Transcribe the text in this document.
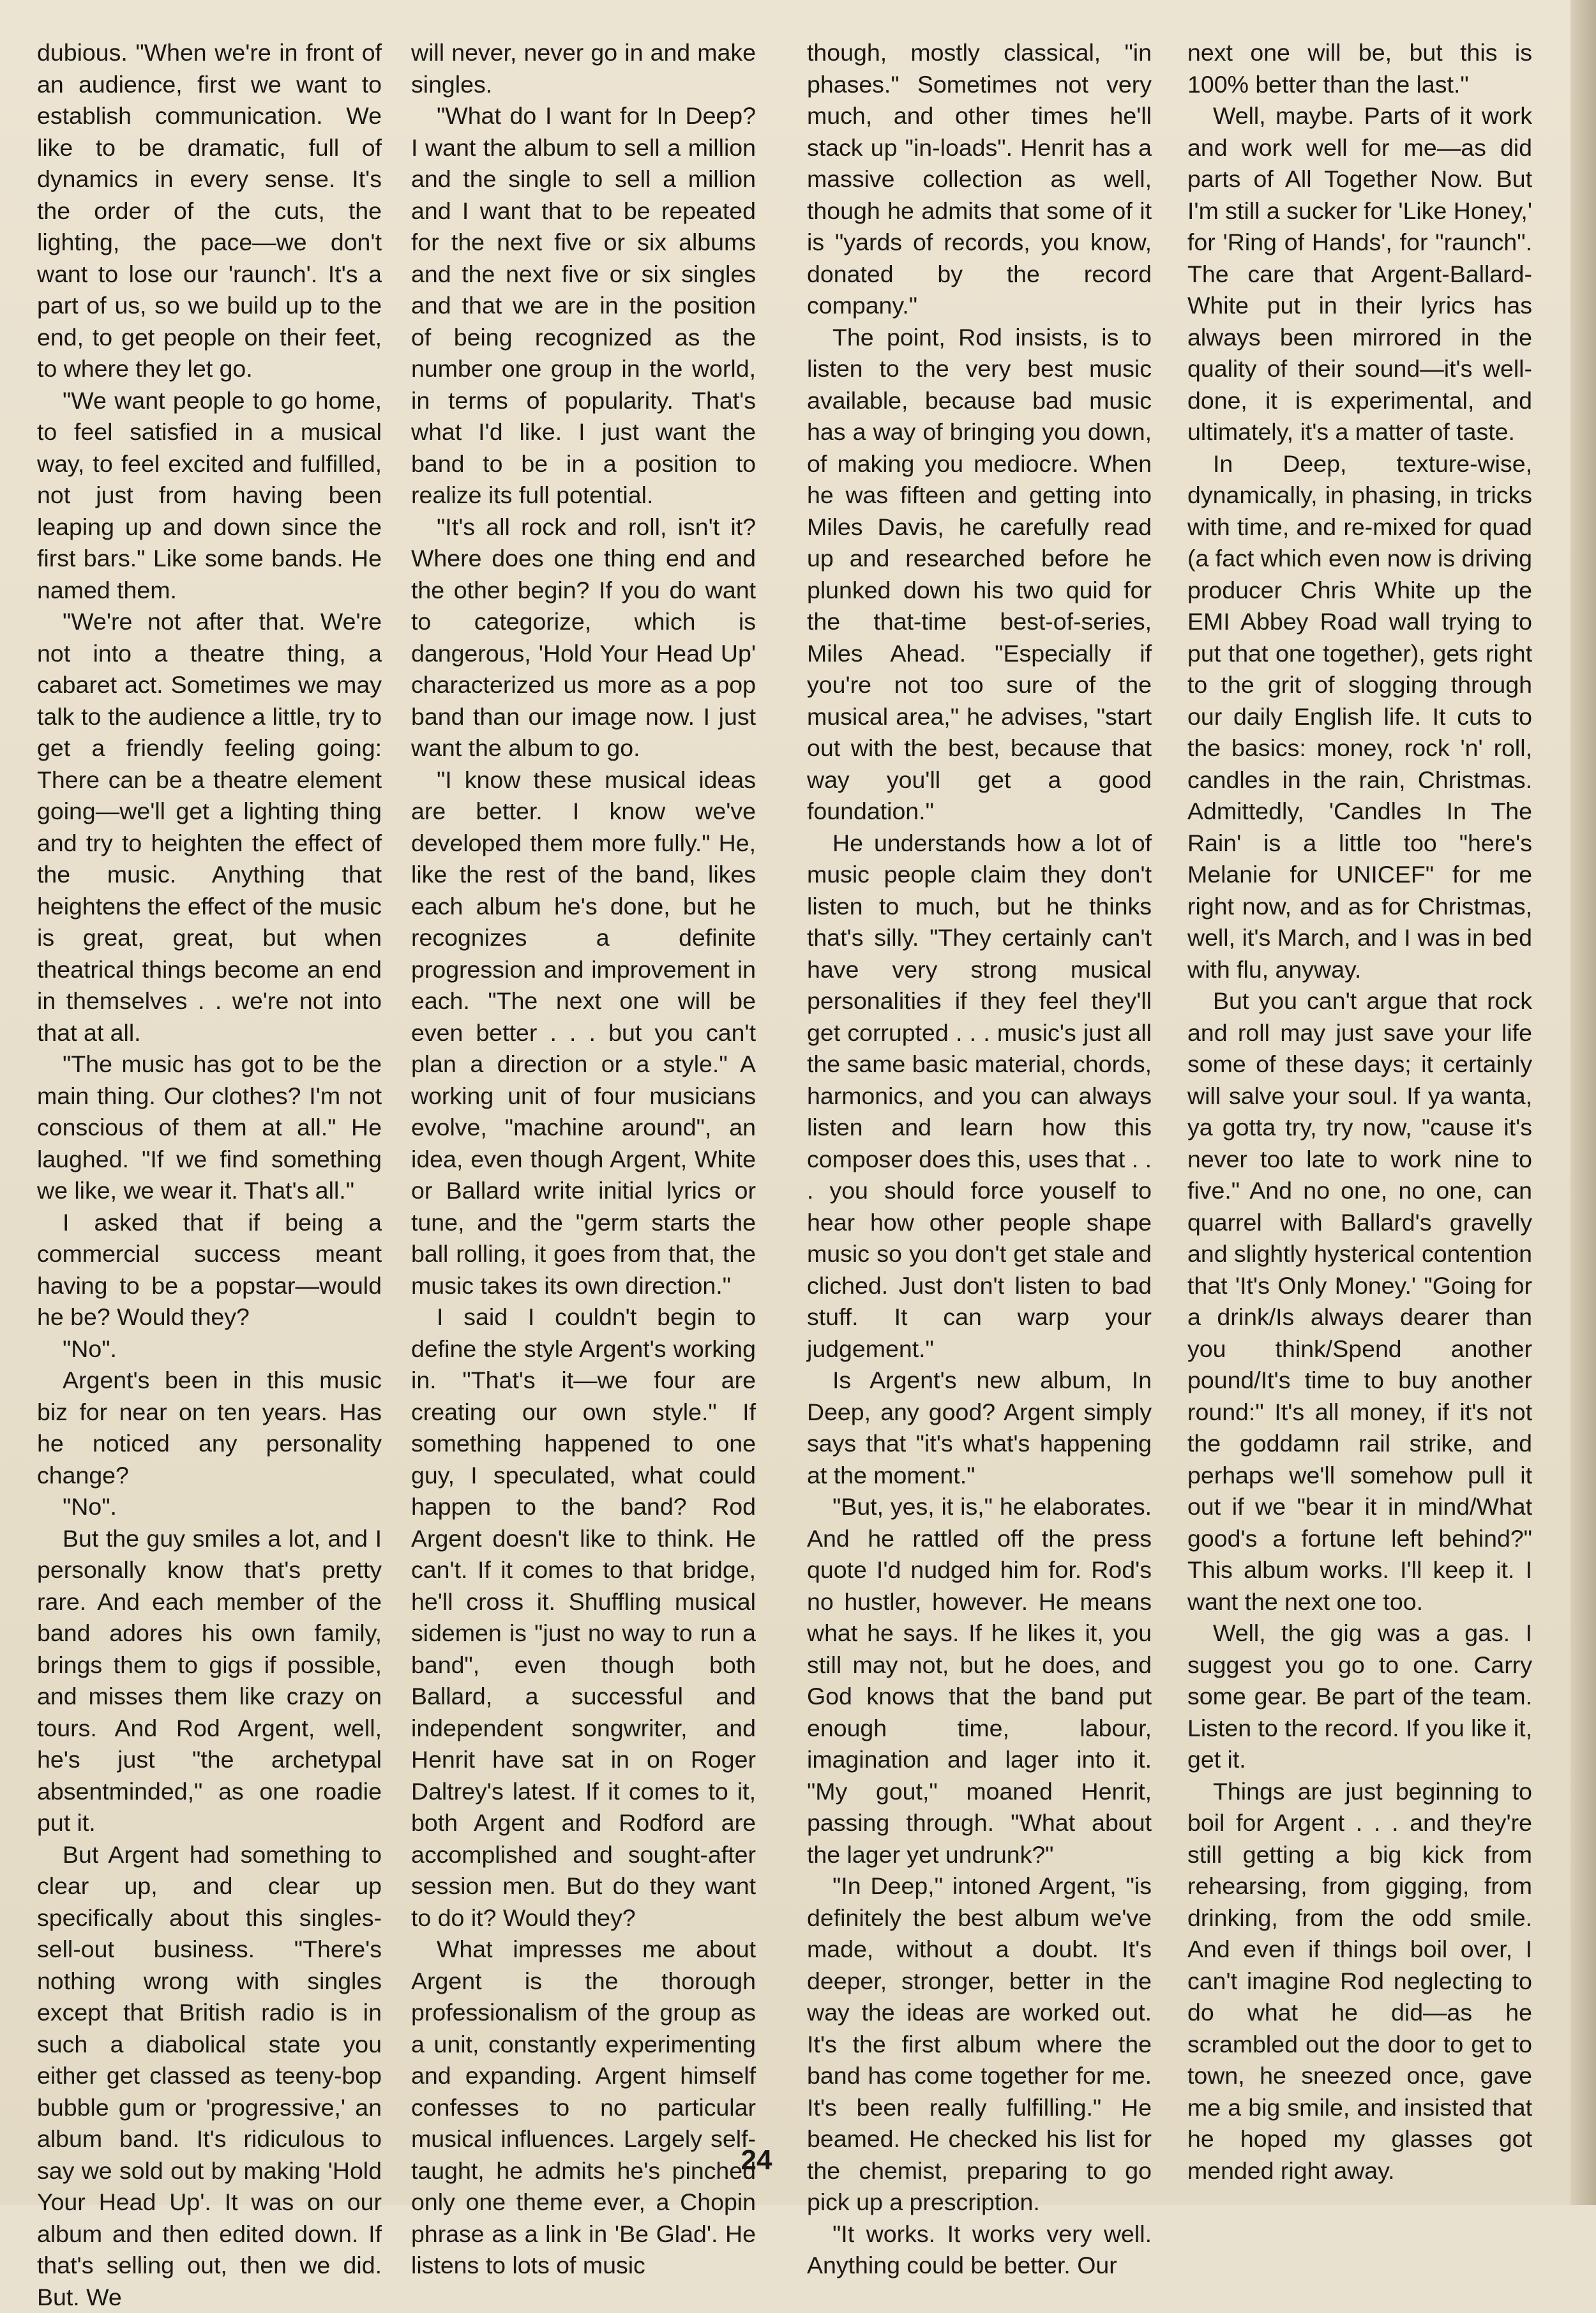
dubious. "When we're in front of an audience, first we want to establish communication. We like to be dramatic, full of dynamics in every sense. It's the order of the cuts, the lighting, the pace—we don't want to lose our 'raunch'. It's a part of us, so we build up to the end, to get people on their feet, to where they let go.

"We want people to go home, to feel satisfied in a musical way, to feel excited and fulfilled, not just from having been leaping up and down since the first bars." Like some bands. He named them.

"We're not after that. We're not into a theatre thing, a cabaret act. Sometimes we may talk to the audience a little, try to get a friendly feeling going: There can be a theatre element going—we'll get a lighting thing and try to heighten the effect of the music. Anything that heightens the effect of the music is great, great, but when theatrical things become an end in themselves . . we're not into that at all.

"The music has got to be the main thing. Our clothes? I'm not conscious of them at all." He laughed. "If we find something we like, we wear it. That's all."

I asked that if being a commercial success meant having to be a popstar—would he be? Would they?

"No".

Argent's been in this music biz for near on ten years. Has he noticed any personality change?

"No".

But the guy smiles a lot, and I personally know that's pretty rare. And each member of the band adores his own family, brings them to gigs if possible, and misses them like crazy on tours. And Rod Argent, well, he's just "the archetypal absentminded," as one roadie put it.

But Argent had something to clear up, and clear up specifically about this singles-sell-out business. "There's nothing wrong with singles except that British radio is in such a diabolical state you either get classed as teeny-bop bubble gum or 'progressive,' an album band. It's ridiculous to say we sold out by making 'Hold Your Head Up'. It was on our album and then edited down. If that's selling out, then we did. But. We

will never, never go in and make singles.

"What do I want for In Deep? I want the album to sell a million and the single to sell a million and I want that to be repeated for the next five or six albums and the next five or six singles and that we are in the position of being recognized as the number one group in the world, in terms of popularity. That's what I'd like. I just want the band to be in a position to realize its full potential.

"It's all rock and roll, isn't it? Where does one thing end and the other begin? If you do want to categorize, which is dangerous, 'Hold Your Head Up' characterized us more as a pop band than our image now. I just want the album to go.

"I know these musical ideas are better. I know we've developed them more fully." He, like the rest of the band, likes each album he's done, but he recognizes a definite progression and improvement in each. "The next one will be even better . . . but you can't plan a direction or a style." A working unit of four musicians evolve, "machine around", an idea, even though Argent, White or Ballard write initial lyrics or tune, and the "germ starts the ball rolling, it goes from that, the music takes its own direction."

I said I couldn't begin to define the style Argent's working in. "That's it—we four are creating our own style." If something happened to one guy, I speculated, what could happen to the band? Rod Argent doesn't like to think. He can't. If it comes to that bridge, he'll cross it. Shuffling musical sidemen is "just no way to run a band", even though both Ballard, a successful and independent songwriter, and Henrit have sat in on Roger Daltrey's latest. If it comes to it, both Argent and Rodford are accomplished and sought-after session men. But do they want to do it? Would they?

What impresses me about Argent is the thorough professionalism of the group as a unit, constantly experimenting and expanding. Argent himself confesses to no particular musical influences. Largely self-taught, he admits he's pinched only one theme ever, a Chopin phrase as a link in 'Be Glad'. He listens to lots of music

though, mostly classical, "in phases." Sometimes not very much, and other times he'll stack up "in-loads". Henrit has a massive collection as well, though he admits that some of it is "yards of records, you know, donated by the record company."

The point, Rod insists, is to listen to the very best music available, because bad music has a way of bringing you down, of making you mediocre. When he was fifteen and getting into Miles Davis, he carefully read up and researched before he plunked down his two quid for the that-time best-of-series, Miles Ahead. "Especially if you're not too sure of the musical area," he advises, "start out with the best, because that way you'll get a good foundation."

He understands how a lot of music people claim they don't listen to much, but he thinks that's silly. "They certainly can't have very strong musical personalities if they feel they'll get corrupted . . . music's just all the same basic material, chords, harmonics, and you can always listen and learn how this composer does this, uses that . . . you should force youself to hear how other people shape music so you don't get stale and cliched. Just don't listen to bad stuff. It can warp your judgement."

Is Argent's new album, In Deep, any good? Argent simply says that "it's what's happening at the moment."

"But, yes, it is," he elaborates. And he rattled off the press quote I'd nudged him for. Rod's no hustler, however. He means what he says. If he likes it, you still may not, but he does, and God knows that the band put enough time, labour, imagination and lager into it. "My gout," moaned Henrit, passing through. "What about the lager yet undrunk?"

"In Deep," intoned Argent, "is definitely the best album we've made, without a doubt. It's deeper, stronger, better in the way the ideas are worked out. It's the first album where the band has come together for me. It's been really fulfilling." He beamed. He checked his list for the chemist, preparing to go pick up a prescription.

"It works. It works very well. Anything could be better. Our

next one will be, but this is 100% better than the last."

Well, maybe. Parts of it work and work well for me—as did parts of All Together Now. But I'm still a sucker for 'Like Honey,' for 'Ring of Hands', for "raunch". The care that Argent-Ballard-White put in their lyrics has always been mirrored in the quality of their sound—it's well-done, it is experimental, and ultimately, it's a matter of taste.

In Deep, texture-wise, dynamically, in phasing, in tricks with time, and re-mixed for quad (a fact which even now is driving producer Chris White up the EMI Abbey Road wall trying to put that one together), gets right to the grit of slogging through our daily English life. It cuts to the basics: money, rock 'n' roll, candles in the rain, Christmas. Admittedly, 'Candles In The Rain' is a little too "here's Melanie for UNICEF" for me right now, and as for Christmas, well, it's March, and I was in bed with flu, anyway.

But you can't argue that rock and roll may just save your life some of these days; it certainly will salve your soul. If ya wanta, ya gotta try, try now, "cause it's never too late to work nine to five." And no one, no one, can quarrel with Ballard's gravelly and slightly hysterical contention that 'It's Only Money.' "Going for a drink/Is always dearer than you think/Spend another pound/It's time to buy another round:" It's all money, if it's not the goddamn rail strike, and perhaps we'll somehow pull it out if we "bear it in mind/What good's a fortune left behind?" This album works. I'll keep it. I want the next one too.

Well, the gig was a gas. I suggest you go to one. Carry some gear. Be part of the team. Listen to the record. If you like it, get it.

Things are just beginning to boil for Argent . . . and they're still getting a big kick from rehearsing, from gigging, from drinking, from the odd smile. And even if things boil over, I can't imagine Rod neglecting to do what he did—as he scrambled out the door to get to town, he sneezed once, gave me a big smile, and insisted that he hoped my glasses got mended right away.

24
